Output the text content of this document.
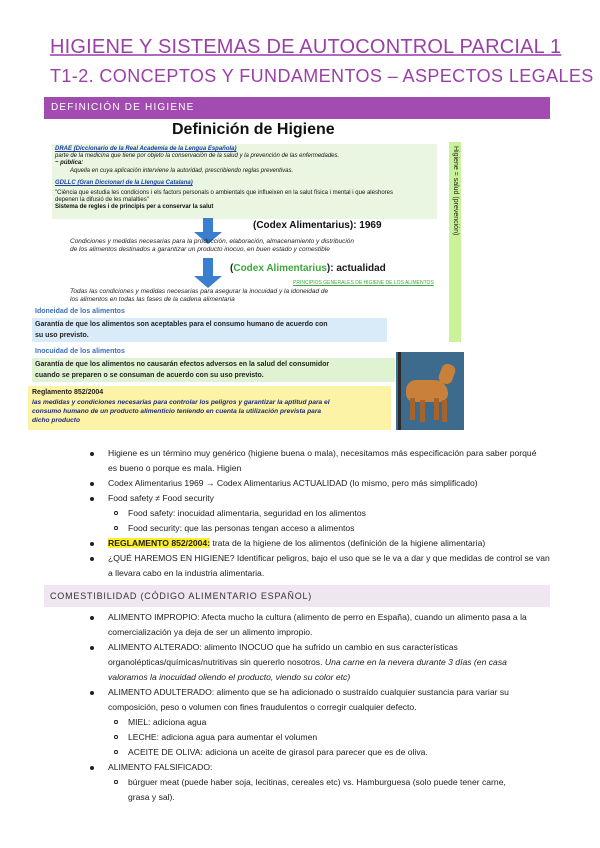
HIGIENE Y SISTEMAS DE AUTOCONTROL PARCIAL 1
T1-2. CONCEPTOS Y FUNDAMENTOS – ASPECTOS LEGALES
DEFINICIÓN DE HIGIENE
Definición de Higiene

DRAE (Diccionario de la Real Academia de la Lengua Española)

parte de la medicina que tiene por objeto la conservación de la salud y la prevención de las enfermedades.

~ pública:

Aquella en cuya aplicación interviene la autoridad, prescribiendo reglas preventivas.

GDLLC (Gran Diccionari de la Llengua Catalana)

"Ciència que estudia les condicions i els factors personals o ambientals que influeixen en la salut física i mental i que aleshores

depenen la difusió de les malalties"

Sistema de regles i de principis per a conservar la salut	Higiene = salud (prevención)
(Codex Alimentarius): 1969
Condiciones y medidas necesarias para la producción, elaboración, almacenamiento y distribución
de los alimentos destinados a garantizar un producto inocuo, en buen estado y comestible
(Codex Alimentarius): actualidad
PRINCIPIOS GENERALES DE HIGIENE DE LOS ALIMENTOS
Todas las condiciones y medidas necesarias para asegurar la inocuidad y la idoneidad de
los alimentos en todas las fases de la cadena alimentaria
Idoneidad de los alimentos

Garantía de que los alimentos son aceptables para el consumo humano de acuerdo con

su uso previsto.

Inocuidad de los alimentos

Garantía de que los alimentos no causarán efectos adversos en la salud del consumidor

cuando se preparen o se consuman de acuerdo con su uso previsto.

Reglamento 852/2004

las medidas y condiciones necesarias para controlar los peligros y garantizar la aptitud para el

consumo humano de un producto alimenticio teniendo en cuenta la utilización prevista para

dicho producto

Higiene es un término muy genérico (higiene buena o mala), necesitamos más especificación para saber porqué
es bueno o porque es mala. Higien
Codex Alimentarius 1969 → Codex Alimentarius ACTUALIDAD (lo mismo, pero más simplificado)
Food safety ≠ Food security
Food safety: inocuidad alimentaria, seguridad en los alimentos
Food security: que las personas tengan acceso a alimentos
REGLAMENTO 852/2004: trata de la higiene de los alimentos (definición de la higiene alimentaria)
¿QUÉ HAREMOS EN HIGIENE? Identificar peligros, bajo el uso que se le va a dar y que medidas de control se van
a llevara cabo en la industria alimentaria.
COMESTIBILIDAD (CÓDIGO ALIMENTARIO ESPAÑOL)
ALIMENTO IMPROPIO: Afecta mucho la cultura (alimento de perro en España), cuando un alimento pasa a la
comercialización ya deja de ser un alimento impropio.
ALIMENTO ALTERADO: alimento INOCUO que ha sufrido un cambio en sus características
organolépticas/químicas/nutritivas sin quererlo nosotros. Una carne en la nevera durante 3 días (en casa
valoramos la inocuidad oliendo el producto, viendo su color etc)
ALIMENTO ADULTERADO: alimento que se ha adicionado o sustraído cualquier sustancia para variar su
composición, peso o volumen con fines fraudulentos o corregir cualquier defecto.
MIEL: adiciona agua
LECHE: adiciona agua para aumentar el volumen
ACEITE DE OLIVA: adiciona un aceite de girasol para parecer que es de oliva.
ALIMENTO FALSIFICADO:
búrguer meat (puede haber soja, lecitinas, cereales etc) vs. Hamburguesa (solo puede tener carne,
grasa y sal).
